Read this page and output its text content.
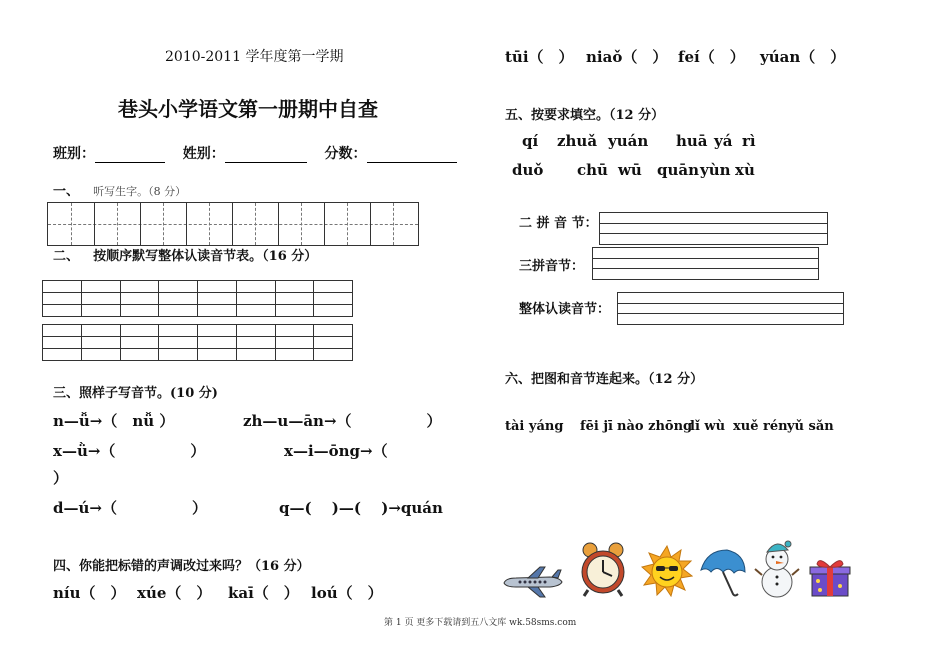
2010-2011 学年度第一学期
巷头小学语文第一册期中自查
班别：	姓别：	分数：
一、 听写生字。（8 分）
二、 按顺序默写整体认读音节表。（16 分）

三、照样子写音节。(10 分)
n—ǚ→（　nǚ ）	zh—u—ān→（　　　　　）
x—ǜ→（　　　　　）	x—i—ōng→（
）
d—ú→（　　　　　）	q—(　 )—(　 )→quán
四、你能把标错的声调改过来吗？（16 分）
níu（　） xúe（　） kaī（　） loú（　）
tūi（　） niaǒ（　） feí（　） yúan（　）
五、按要求填空。（12 分）
qí zhuǎ yuán huā yá rì
duǒ chū wū quān yùn xù
二 拼 音 节：
三拼音节：
整体认读音节：
六、把图和音节连起来。（12 分）
tài yáng fēi jī nào zhōng
lǐ wù xuě rén yǔ sǎn
第 1 页 更多下载请到五八文库 wk.58sms.com
